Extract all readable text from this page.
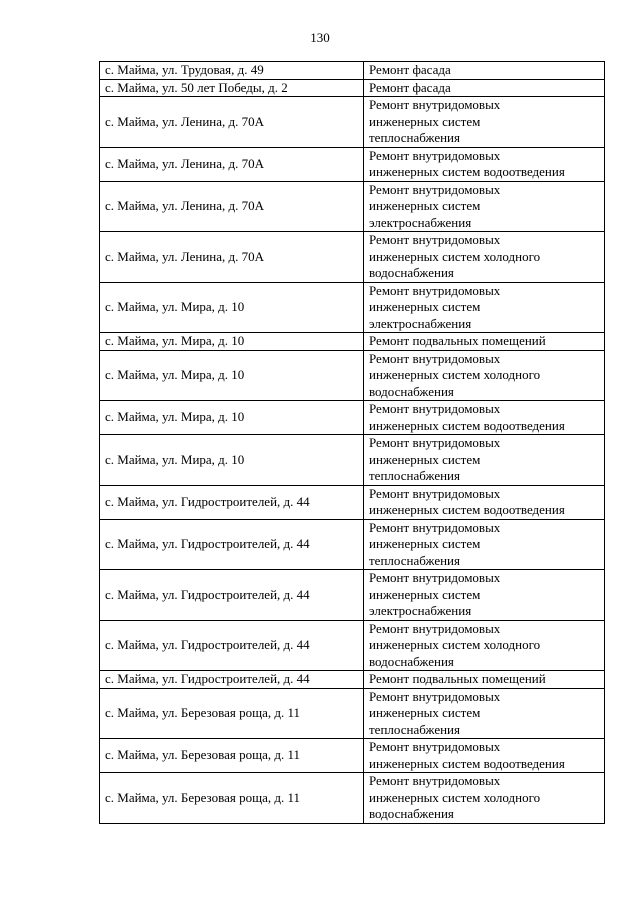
130
с. Майма, ул. Трудовая, д. 49	Ремонт фасада

с. Майма, ул. 50 лет Победы, д. 2	Ремонт фасада

с. Майма, ул. Ленина, д. 70А	Ремонт внутридомовых
инженерных систем
теплоснабжения

с. Майма, ул. Ленина, д. 70А	Ремонт внутридомовых
инженерных систем водоотведения

с. Майма, ул. Ленина, д. 70А	Ремонт внутридомовых
инженерных систем
электроснабжения

с. Майма, ул. Ленина, д. 70А	Ремонт внутридомовых
инженерных систем холодного
водоснабжения

с. Майма, ул. Мира, д. 10	Ремонт внутридомовых
инженерных систем
электроснабжения

с. Майма, ул. Мира, д. 10	Ремонт подвальных помещений

с. Майма, ул. Мира, д. 10	Ремонт внутридомовых
инженерных систем холодного
водоснабжения

с. Майма, ул. Мира, д. 10	Ремонт внутридомовых
инженерных систем водоотведения

с. Майма, ул. Мира, д. 10	Ремонт внутридомовых
инженерных систем
теплоснабжения

с. Майма, ул. Гидростроителей, д. 44	Ремонт внутридомовых
инженерных систем водоотведения

с. Майма, ул. Гидростроителей, д. 44	Ремонт внутридомовых
инженерных систем
теплоснабжения

с. Майма, ул. Гидростроителей, д. 44	Ремонт внутридомовых
инженерных систем
электроснабжения

с. Майма, ул. Гидростроителей, д. 44	Ремонт внутридомовых
инженерных систем холодного
водоснабжения

с. Майма, ул. Гидростроителей, д. 44	Ремонт подвальных помещений

с. Майма, ул. Березовая роща, д. 11	Ремонт внутридомовых
инженерных систем
теплоснабжения

с. Майма, ул. Березовая роща, д. 11	Ремонт внутридомовых
инженерных систем водоотведения

с. Майма, ул. Березовая роща, д. 11	Ремонт внутридомовых
инженерных систем холодного
водоснабжения
